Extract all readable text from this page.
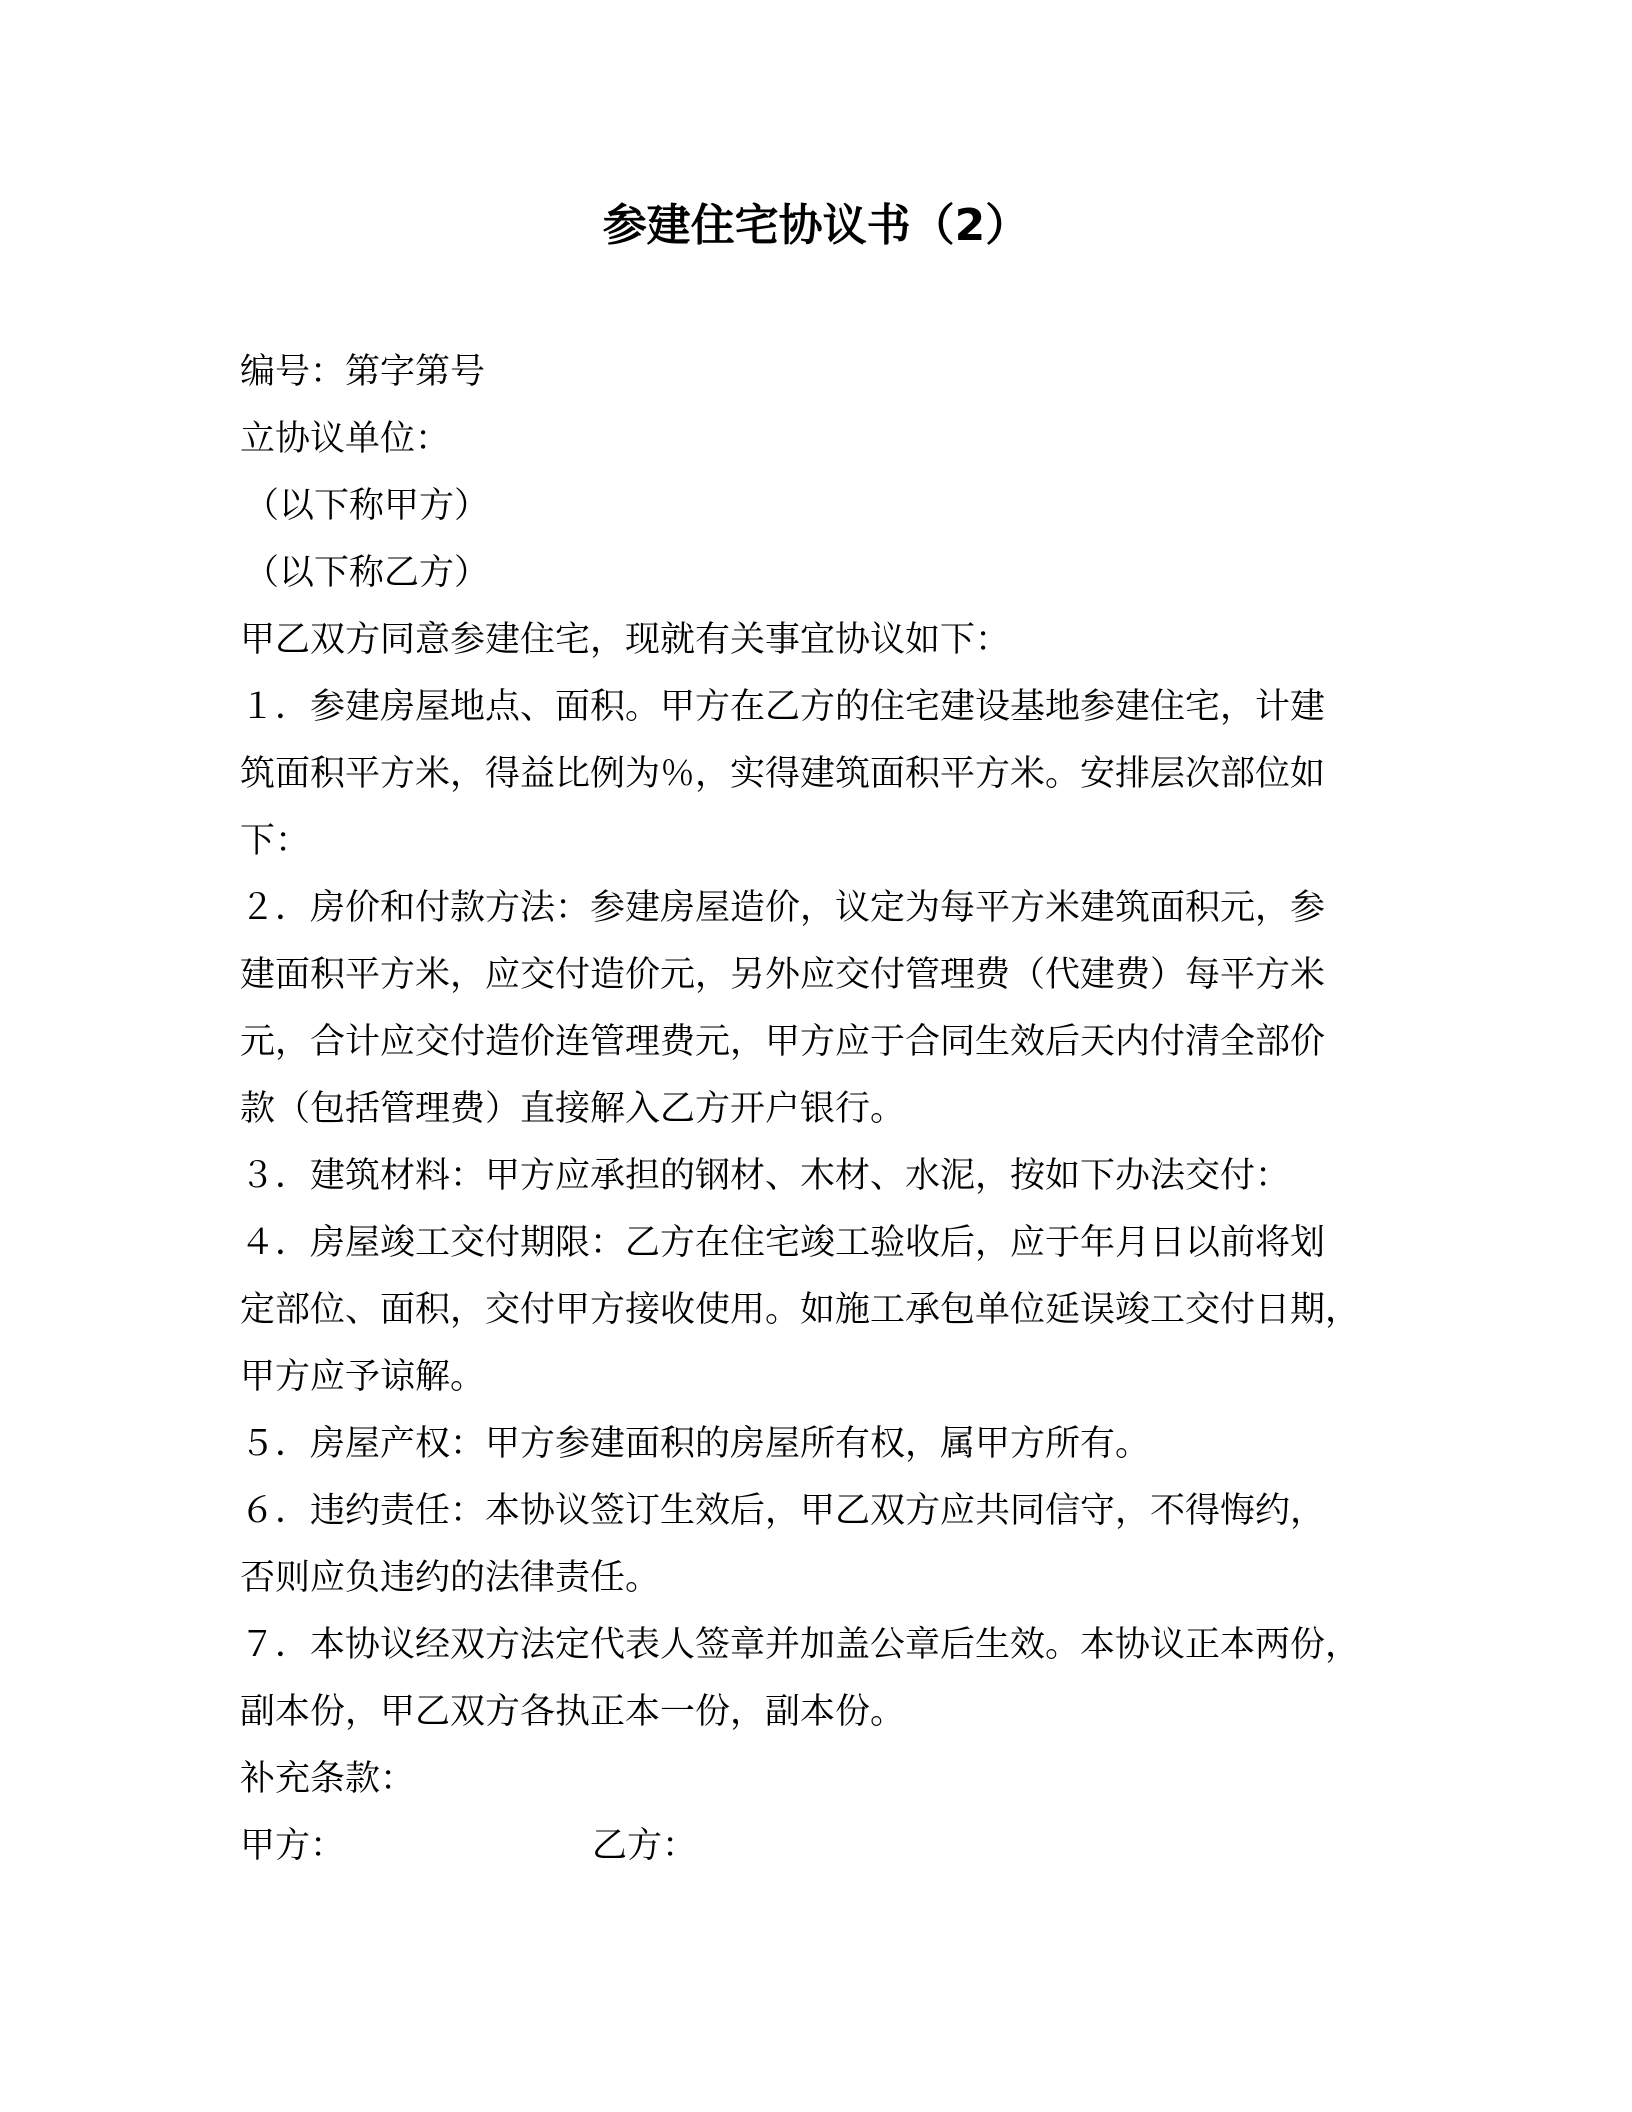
参建住宅协议书（2）
编号：第字第号
立协议单位：
（以下称甲方）
（以下称乙方）
甲乙双方同意参建住宅，现就有关事宜协议如下：
１．参建房屋地点、面积。甲方在乙方的住宅建设基地参建住宅，计建
筑面积平方米，得益比例为％，实得建筑面积平方米。安排层次部位如
下：
２．房价和付款方法：参建房屋造价，议定为每平方米建筑面积元，参
建面积平方米，应交付造价元，另外应交付管理费（代建费）每平方米
元，合计应交付造价连管理费元，甲方应于合同生效后天内付清全部价
款（包括管理费）直接解入乙方开户银行。
３．建筑材料：甲方应承担的钢材、木材、水泥，按如下办法交付：
４．房屋竣工交付期限：乙方在住宅竣工验收后，应于年月日以前将划
定部位、面积，交付甲方接收使用。如施工承包单位延误竣工交付日期，
甲方应予谅解。
５．房屋产权：甲方参建面积的房屋所有权，属甲方所有。
６．违约责任：本协议签订生效后，甲乙双方应共同信守，不得悔约，
否则应负违约的法律责任。
７．本协议经双方法定代表人签章并加盖公章后生效。本协议正本两份，
副本份，甲乙双方各执正本一份，副本份。
补充条款：
甲方：	乙方：
